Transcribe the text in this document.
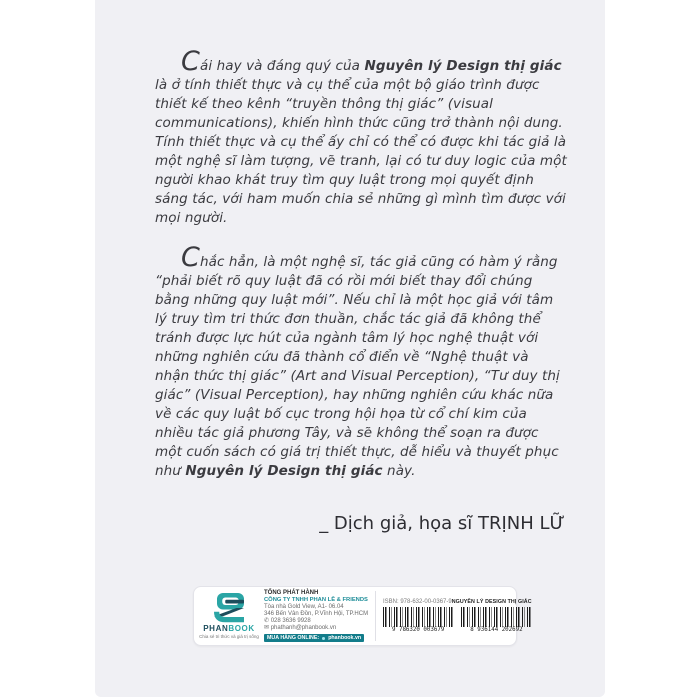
Cái hay và đáng quý của Nguyên lý Design thị giác là ở tính thiết thực và cụ thể của một bộ giáo trình được thiết kế theo kênh “truyền thông thị giác” (visual communications), khiến hình thức cũng trở thành nội dung. Tính thiết thực và cụ thể ấy chỉ có thể có được khi tác giả là một nghệ sĩ làm tượng, vẽ tranh, lại có tư duy logic của một người khao khát truy tìm quy luật trong mọi quyết định sáng tác, với ham muốn chia sẻ những gì mình tìm được với mọi người.

Chắc hẳn, là một nghệ sĩ, tác giả cũng có hàm ý rằng “phải biết rõ quy luật đã có rồi mới biết thay đổi chúng bằng những quy luật mới”. Nếu chỉ là một học giả với tâm lý truy tìm tri thức đơn thuần, chắc tác giả đã không thể tránh được lực hút của ngành tâm lý học nghệ thuật với những nghiên cứu đã thành cổ điển về “Nghệ thuật và nhận thức thị giác” (Art and Visual Perception), “Tư duy thị giác” (Visual Perception), hay những nghiên cứu khác nữa về các quy luật bố cục trong hội họa từ cổ chí kim của nhiều tác giả phương Tây, và sẽ không thể soạn ra được một cuốn sách có giá trị thiết thực, dễ hiểu và thuyết phục như Nguyên lý Design thị giác này.

_ Dịch giả, họa sĩ TRỊNH LỮ
PHANBOOK
Chia sẻ tri thức và giá trị sống
TỔNG PHÁT HÀNH
CÔNG TY TNHH PHAN LÊ & FRIENDS
Tòa nhà Gold View, A1- 06.04
346 Bến Vân Đồn, P.Vĩnh Hội, TP.HCM
✆ 028 3636 9928
✉ phathanh@phanbook.vn
MUA HÀNG ONLINE: phanbook.vn
ISBN: 978-632-00-0367-9 NGUYÊN LÝ DESIGN THỊ GIÁC
9 786320 003679	8 936144 202692
